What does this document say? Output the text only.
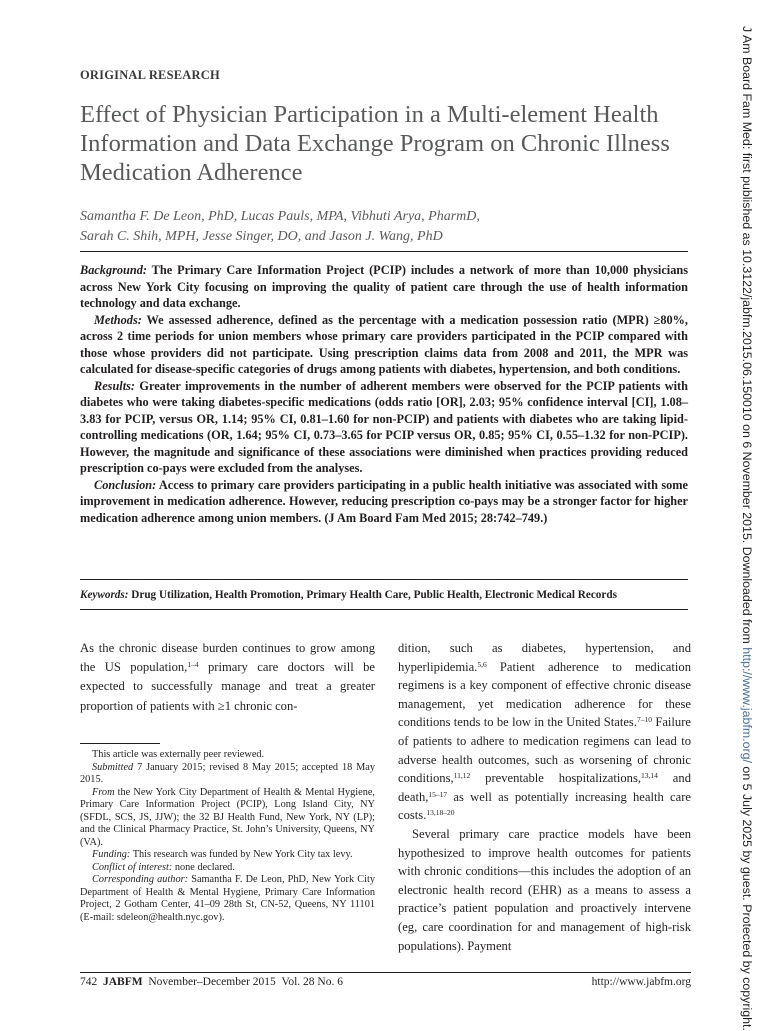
ORIGINAL RESEARCH
Effect of Physician Participation in a Multi-element Health Information and Data Exchange Program on Chronic Illness Medication Adherence
Samantha F. De Leon, PhD, Lucas Pauls, MPA, Vibhuti Arya, PharmD,
Sarah C. Shih, MPH, Jesse Singer, DO, and Jason J. Wang, PhD

Background: The Primary Care Information Project (PCIP) includes a network of more than 10,000 physicians across New York City focusing on improving the quality of patient care through the use of health information technology and data exchange.

Methods: We assessed adherence, defined as the percentage with a medication possession ratio (MPR) ≥80%, across 2 time periods for union members whose primary care providers participated in the PCIP compared with those whose providers did not participate. Using prescription claims data from 2008 and 2011, the MPR was calculated for disease-specific categories of drugs among patients with diabetes, hypertension, and both conditions.

Results: Greater improvements in the number of adherent members were observed for the PCIP patients with diabetes who were taking diabetes-specific medications (odds ratio [OR], 2.03; 95% confidence interval [CI], 1.08–3.83 for PCIP, versus OR, 1.14; 95% CI, 0.81–1.60 for non-PCIP) and patients with diabetes who are taking lipid-controlling medications (OR, 1.64; 95% CI, 0.73–3.65 for PCIP versus OR, 0.85; 95% CI, 0.55–1.32 for non-PCIP). However, the magnitude and significance of these associations were diminished when practices providing reduced prescription co-pays were excluded from the analyses.

Conclusion: Access to primary care providers participating in a public health initiative was associated with some improvement in medication adherence. However, reducing prescription co-pays may be a stronger factor for higher medication adherence among union members. (J Am Board Fam Med 2015; 28:742–749.)

Keywords: Drug Utilization, Health Promotion, Primary Health Care, Public Health, Electronic Medical Records

As the chronic disease burden continues to grow among the US population,$^{1-4}$ primary care doctors will be expected to successfully manage and treat a greater proportion of patients with ≥1 chronic con-

This article was externally peer reviewed.

Submitted 7 January 2015; revised 8 May 2015; accepted 18 May 2015.

From the New York City Department of Health & Mental Hygiene, Primary Care Information Project (PCIP), Long Island City, NY (SFDL, SCS, JS, JJW); the 32 BJ Health Fund, New York, NY (LP); and the Clinical Pharmacy Practice, St. John’s University, Queens, NY (VA).

Funding: This research was funded by New York City tax levy.

Conflict of interest: none declared.

Corresponding author: Samantha F. De Leon, PhD, New York City Department of Health & Mental Hygiene, Primary Care Information Project, 2 Gotham Center, 41–09 28th St, CN-52, Queens, NY 11101 (E-mail: sdeleon@health.nyc.gov).

dition, such as diabetes, hypertension, and hyperlipidemia.$^{5,6}$ Patient adherence to medication regimens is a key component of effective chronic disease management, yet medication adherence for these conditions tends to be low in the United States.$^{7-10}$ Failure of patients to adhere to medication regimens can lead to adverse health outcomes, such as worsening of chronic conditions,$^{11,12}$ preventable hospitalizations,$^{13,14}$ and death,$^{15-17}$ as well as potentially increasing health care costs.$^{13,18-20}$

Several primary care practice models have been hypothesized to improve health outcomes for patients with chronic conditions—this includes the adoption of an electronic health record (EHR) as a means to assess a practice’s patient population and proactively intervene (eg, care coordination for and management of high-risk populations). Payment

742 JABFM November–December 2015 Vol. 28 No. 6	http://www.jabfm.org
J Am Board Fam Med: first published as 10.3122/jabfm.2015.06.150010 on 6 November 2015. Downloaded from http://www.jabfm.org/ on 5 July 2025 by guest. Protected by copyright.
